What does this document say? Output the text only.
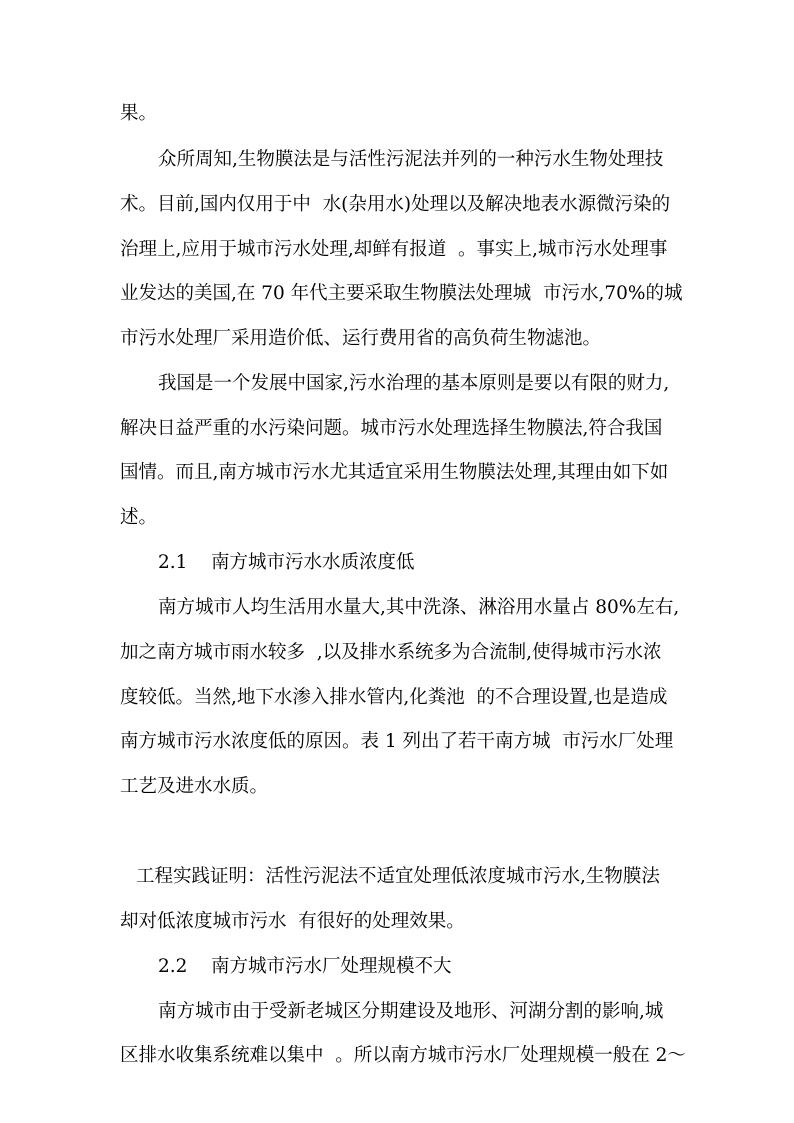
果。
众所周知,生物膜法是与活性污泥法并列的一种污水生物处理技
术。目前,国内仅用于中  水(杂用水)处理以及解决地表水源微污染的
治理上,应用于城市污水处理,却鲜有报道  。事实上,城市污水处理事
业发达的美国,在 70 年代主要采取生物膜法处理城  市污水,70%的城
市污水处理厂采用造价低、运行费用省的高负荷生物滤池。
我国是一个发展中国家,污水治理的基本原则是要以有限的财力,
解决日益严重的水污染问题。城市污水处理选择生物膜法,符合我国
国情。而且,南方城市污水尤其适宜采用生物膜法处理,其理由如下如
述。
2.1    南方城市污水水质浓度低
南方城市人均生活用水量大,其中洗涤、淋浴用水量占 80%左右,
加之南方城市雨水较多  ,以及排水系统多为合流制,使得城市污水浓
度较低。当然,地下水渗入排水管内,化粪池  的不合理设置,也是造成
南方城市污水浓度低的原因。表 1 列出了若干南方城  市污水厂处理
工艺及进水水质。
工程实践证明：活性污泥法不适宜处理低浓度城市污水,生物膜法
却对低浓度城市污水  有很好的处理效果。
2.2    南方城市污水厂处理规模不大
南方城市由于受新老城区分期建设及地形、河湖分割的影响,城
区排水收集系统难以集中  。所以南方城市污水厂处理规模一般在 2～
